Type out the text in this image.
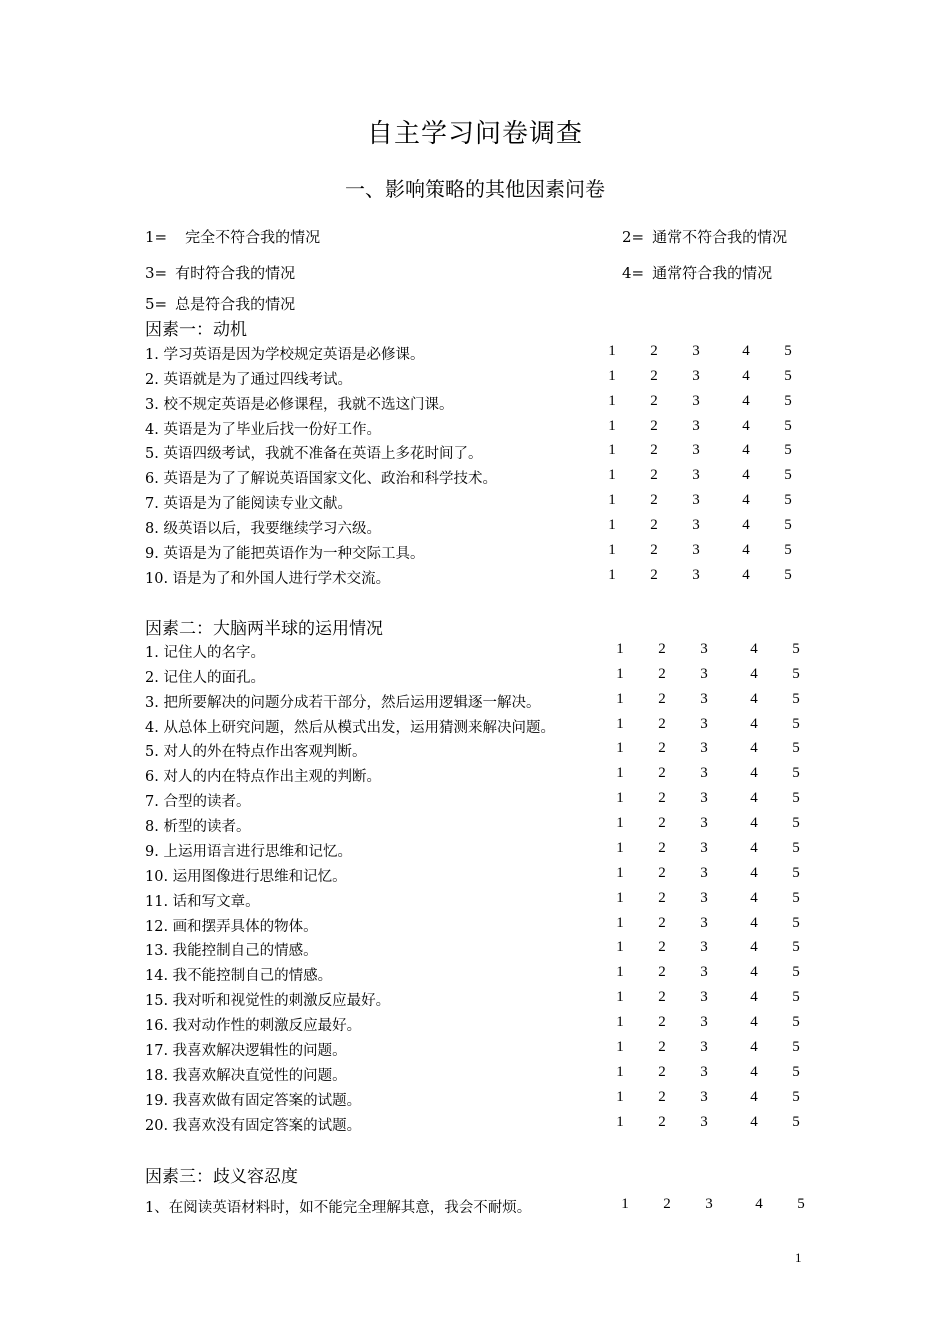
自主学习问卷调查
一、影响策略的其他因素问卷
1= 完全不符合我的情况	2= 通常不符合我的情况
3= 有时符合我的情况	4= 通常符合我的情况
5= 总是符合我的情况
因素一：动机
因素二：大脑两半球的运用情况
因素三：歧义容忍度
1. 学习英语是因为学校规定英语是必修课。	1	2	3	4	5
2. 英语就是为了通过四线考试。	1	2	3	4	5
3. 校不规定英语是必修课程，我就不选这门课。	1	2	3	4	5
4. 英语是为了毕业后找一份好工作。	1	2	3	4	5
5. 英语四级考试，我就不准备在英语上多花时间了。	1	2	3	4	5
6. 英语是为了了解说英语国家文化、政治和科学技术。	1	2	3	4	5
7. 英语是为了能阅读专业文献。	1	2	3	4	5
8. 级英语以后，我要继续学习六级。	1	2	3	4	5
9. 英语是为了能把英语作为一种交际工具。	1	2	3	4	5
10. 语是为了和外国人进行学术交流。	1	2	3	4	5
1. 记住人的名字。	1	2	3	4	5
2. 记住人的面孔。	1	2	3	4	5
3. 把所要解决的问题分成若干部分，然后运用逻辑逐一解决。	1	2	3	4	5
4. 从总体上研究问题，然后从模式出发，运用猜测来解决问题。	1	2	3	4	5
5. 对人的外在特点作出客观判断。	1	2	3	4	5
6. 对人的内在特点作出主观的判断。	1	2	3	4	5
7. 合型的读者。	1	2	3	4	5
8. 析型的读者。	1	2	3	4	5
9. 上运用语言进行思维和记忆。	1	2	3	4	5
10. 运用图像进行思维和记忆。	1	2	3	4	5
11. 话和写文章。	1	2	3	4	5
12. 画和摆弄具体的物体。	1	2	3	4	5
13. 我能控制自己的情感。	1	2	3	4	5
14. 我不能控制自己的情感。	1	2	3	4	5
15. 我对听和视觉性的刺激反应最好。	1	2	3	4	5
16. 我对动作性的刺激反应最好。	1	2	3	4	5
17. 我喜欢解决逻辑性的问题。	1	2	3	4	5
18. 我喜欢解决直觉性的问题。	1	2	3	4	5
19. 我喜欢做有固定答案的试题。	1	2	3	4	5
20. 我喜欢没有固定答案的试题。	1	2	3	4	5
1、在阅读英语材料时，如不能完全理解其意，我会不耐烦。	1	2	3	4	5
1
